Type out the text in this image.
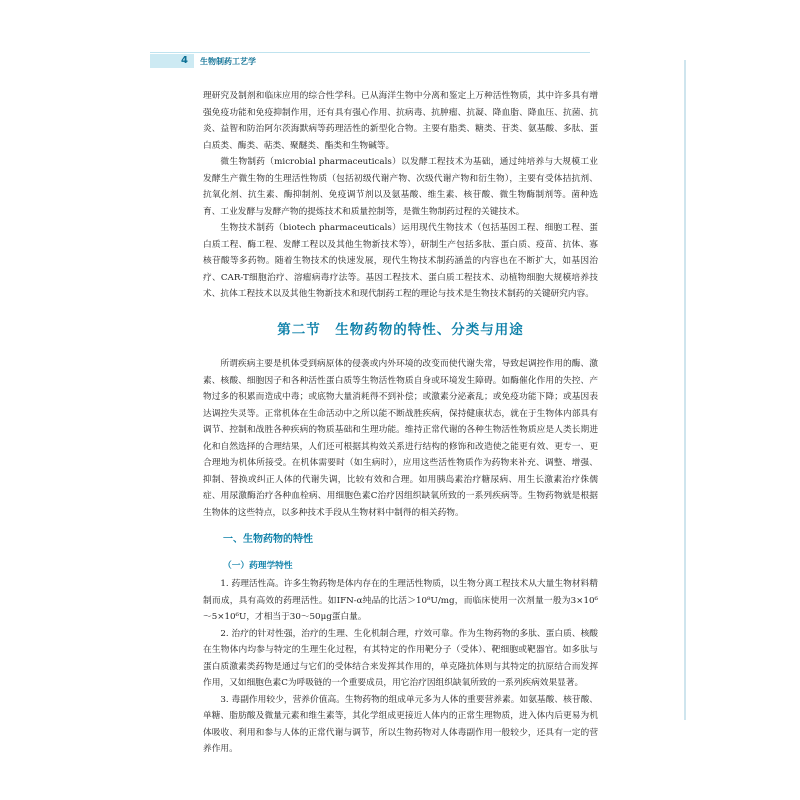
4	生物制药工艺学

理研究及制剂和临床应用的综合性学科。已从海洋生物中分离和鉴定上万种活性物质，其中许多具有增强免疫功能和免疫抑制作用，还有具有强心作用、抗病毒、抗肿瘤、抗凝、降血脂、降血压、抗菌、抗炎、益智和防治阿尔茨海默病等药理活性的新型化合物。主要有脂类、糖类、苷类、氨基酸、多肽、蛋白质类、酶类、萜类、聚醚类、酯类和生物碱等。

微生物制药（microbial pharmaceuticals）以发酵工程技术为基础，通过纯培养与大规模工业发酵生产微生物的生理活性物质（包括初级代谢产物、次级代谢产物和衍生物），主要有受体拮抗剂、抗氧化剂、抗生素、酶抑制剂、免疫调节剂以及氨基酸、维生素、核苷酸、微生物酶制剂等。菌种选育、工业发酵与发酵产物的提炼技术和质量控制等，是微生物制药过程的关键技术。

生物技术制药（biotech pharmaceuticals）运用现代生物技术（包括基因工程、细胞工程、蛋白质工程、酶工程、发酵工程以及其他生物新技术等），研制生产包括多肽、蛋白质、疫苗、抗体、寡核苷酸等多药物。随着生物技术的快速发展，现代生物技术制药涵盖的内容也在不断扩大，如基因治疗、CAR-T细胞治疗、溶瘤病毒疗法等。基因工程技术、蛋白质工程技术、动植物细胞大规模培养技术、抗体工程技术以及其他生物新技术和现代制药工程的理论与技术是生物技术制药的关键研究内容。

第二节　生物药物的特性、分类与用途

所谓疾病主要是机体受到病原体的侵袭或内外环境的改变而使代谢失常，导致起调控作用的酶、激素、核酸、细胞因子和各种活性蛋白质等生物活性物质自身或环境发生障碍。如酶催化作用的失控、产物过多的积累而造成中毒；或底物大量消耗得不到补偿；或激素分泌紊乱；或免疫功能下降；或基因表达调控失灵等。正常机体在生命活动中之所以能不断战胜疾病，保持健康状态，就在于生物体内部具有调节、控制和战胜各种疾病的物质基础和生理功能。维持正常代谢的各种生物活性物质应是人类长期进化和自然选择的合理结果，人们还可根据其构效关系进行结构的修饰和改造使之能更有效、更专一、更合理地为机体所接受。在机体需要时（如生病时），应用这些活性物质作为药物来补充、调整、增强、抑制、替换或纠正人体的代谢失调，比较有效和合理。如用胰岛素治疗糖尿病、用生长激素治疗侏儒症、用尿激酶治疗各种血栓病、用细胞色素C治疗因组织缺氧所致的一系列疾病等。生物药物就是根据生物体的这些特点，以多种技术手段从生物材料中制得的相关药物。

一、生物药物的特性
（一）药理学特性

1. 药理活性高。许多生物药物是体内存在的生理活性物质，以生物分离工程技术从大量生物材料精制而成，具有高效的药理活性。如IFN-α纯品的比活＞10⁸U/mg，而临床使用一次剂量一般为3×10⁶～5×10⁶U，才相当于30～50μg蛋白量。

2. 治疗的针对性强，治疗的生理、生化机制合理，疗效可靠。作为生物药物的多肽、蛋白质、核酸在生物体内均参与特定的生理生化过程，有其特定的作用靶分子（受体）、靶细胞或靶器官。如多肽与蛋白质激素类药物是通过与它们的受体结合来发挥其作用的，单克隆抗体则与其特定的抗原结合而发挥作用，又如细胞色素C为呼吸链的一个重要成员，用它治疗因组织缺氧所致的一系列疾病效果显著。

3. 毒副作用较少，营养价值高。生物药物的组成单元多为人体的重要营养素。如氨基酸、核苷酸、单糖、脂肪酸及微量元素和维生素等，其化学组成更接近人体内的正常生理物质，进入体内后更易为机体吸收、利用和参与人体的正常代谢与调节，所以生物药物对人体毒副作用一般较少，还具有一定的营养作用。
